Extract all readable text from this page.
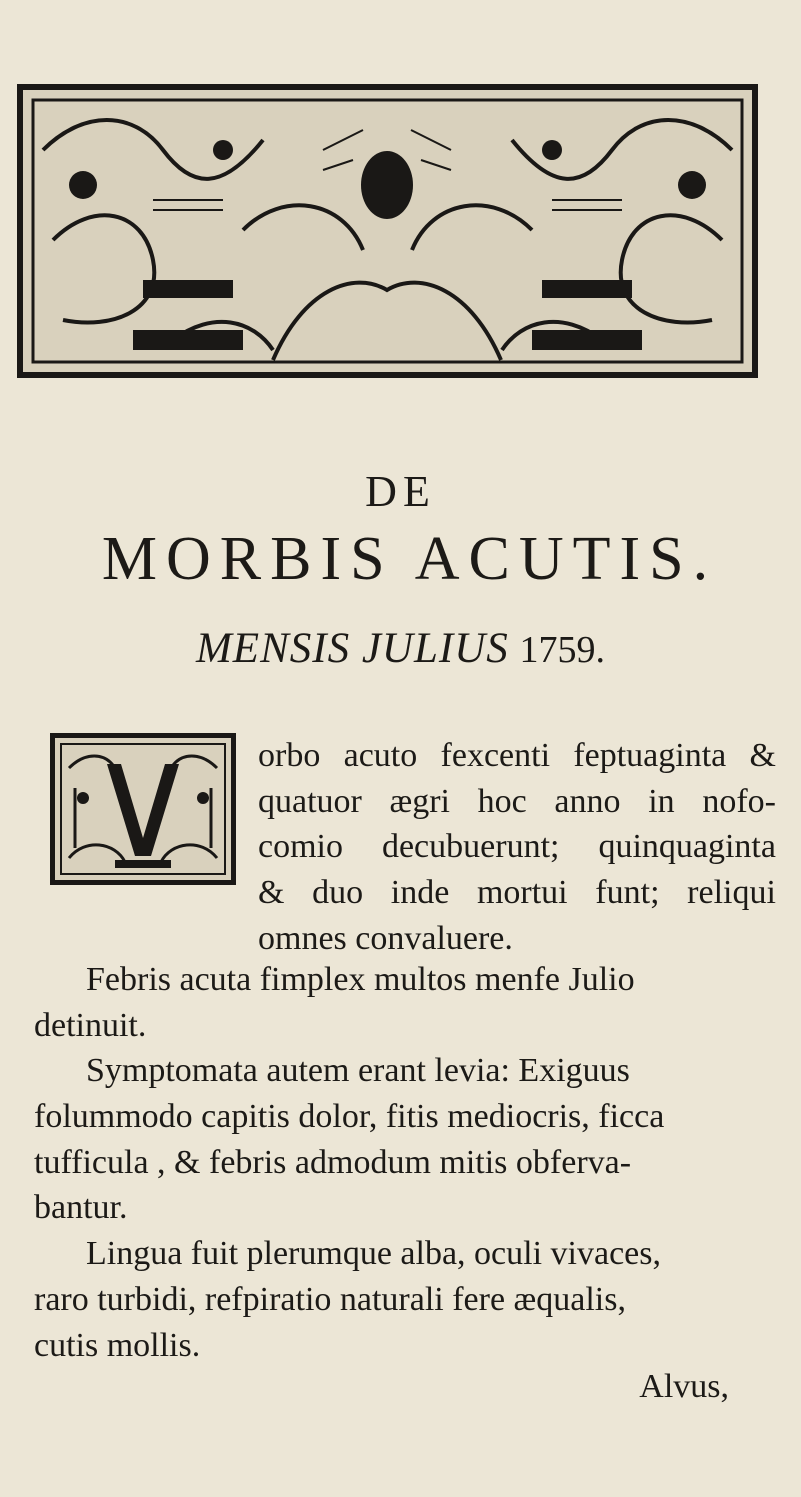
DE
MORBIS ACUTIS.
MENSIS JULIUS 1759.
V orbo acuto fexcenti feptuaginta &
quatuor ægri hoc anno in nofo-
comio decubuerunt; quinquaginta
& duo inde mortui funt; reliqui
omnes convaluere.
Febris acuta fimplex multos menfe Julio
detinuit.
Symptomata autem erant levia: Exiguus
folummodo capitis dolor, fitis mediocris, ficca
tufficula , & febris admodum mitis obferva-
bantur.
Lingua fuit plerumque alba, oculi vivaces,
raro turbidi, refpiratio naturali fere æqualis,
cutis mollis.
Alvus,
